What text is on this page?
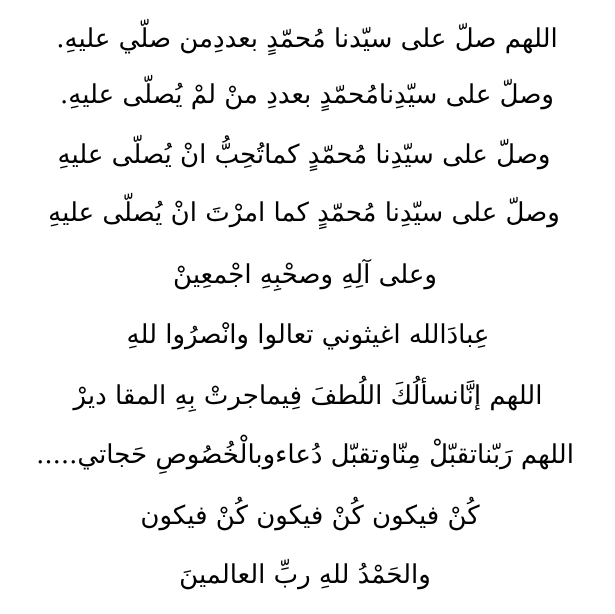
اللهم صلّ على سيّدنا مُحمّدٍ بعددِمن صلّي عليهِ.
وصلّ على سيّدِنامُحمّدٍ بعددِ منْ لمْ يُصلّى عليهِ.
وصلّ على سيّدِنا مُحمّدٍ كماتُحِبُّ انْ يُصلّى عليهِ
وصلّ على سيّدِنا مُحمّدٍ كما امرْتَ انْ يُصلّى عليهِ
وعلى آلِهِ وصحْبِهِ اجْمعِينْ
عِبادَالله اغيثوني تعالوا وانْصرُوا للهِ
اللهم إنَّانسألُكَ اللُطفَ فِيماجرتْ بِهِ المقا ديرْ
اللهم رَبّناتقبّلْ مِنّاوتقبّل دُعاءوبالْخُصُوصِ حَجاتي.....
كُنْ فيكون كُنْ فيكون كُنْ فيكون
والحَمْدُ للهِ ربِّ العالمينَ
